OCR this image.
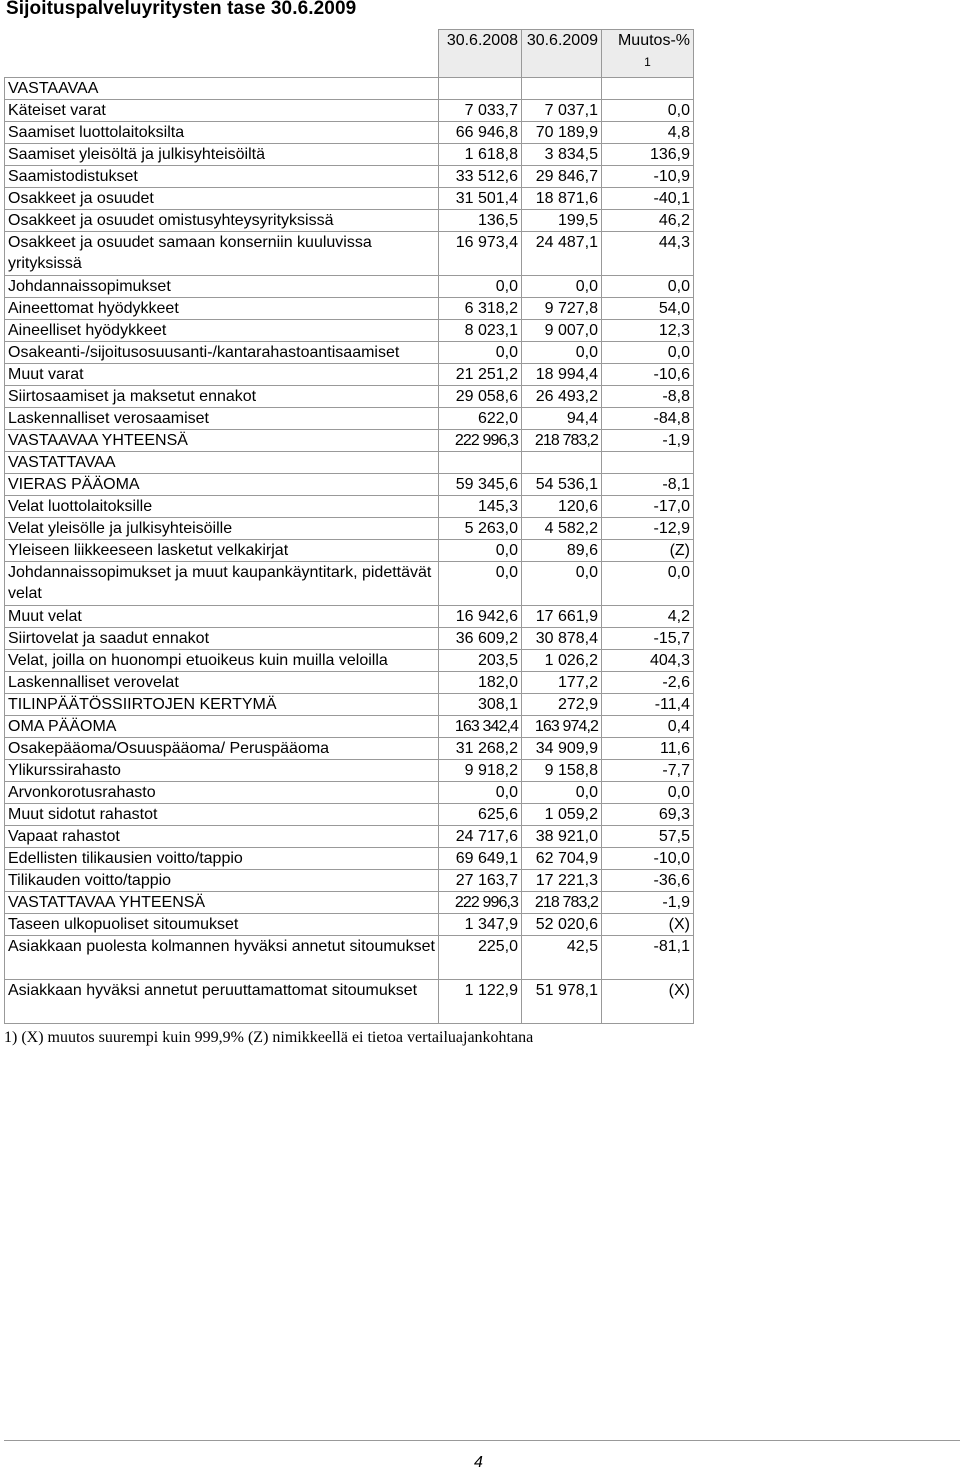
Sijoituspalveluyritysten tase 30.6.2009
	30.6.2008	30.6.2009	Muutos-%
1

VASTAAVAA			
Käteiset varat	7 033,7	7 037,1	0,0
Saamiset luottolaitoksilta	66 946,8	70 189,9	4,8
Saamiset yleisöltä ja julkisyhteisöiltä	1 618,8	3 834,5	136,9
Saamistodistukset	33 512,6	29 846,7	-10,9
Osakkeet ja osuudet	31 501,4	18 871,6	-40,1
Osakkeet ja osuudet omistusyhteysyrityksissä	136,5	199,5	46,2
Osakkeet ja osuudet samaan konserniin kuuluvissa yrityksissä	16 973,4	24 487,1	44,3
Johdannaissopimukset	0,0	0,0	0,0
Aineettomat hyödykkeet	6 318,2	9 727,8	54,0
Aineelliset hyödykkeet	8 023,1	9 007,0	12,3
Osakeanti-/sijoitusosuusanti-/kantarahastoantisaamiset	0,0	0,0	0,0
Muut varat	21 251,2	18 994,4	-10,6
Siirtosaamiset ja maksetut ennakot	29 058,6	26 493,2	-8,8
Laskennalliset verosaamiset	622,0	94,4	-84,8
VASTAAVAA YHTEENSÄ	222 996,3	218 783,2	-1,9
VASTATTAVAA			
VIERAS PÄÄOMA	59 345,6	54 536,1	-8,1
Velat luottolaitoksille	145,3	120,6	-17,0
Velat yleisölle ja julkisyhteisöille	5 263,0	4 582,2	-12,9
Yleiseen liikkeeseen lasketut velkakirjat	0,0	89,6	(Z)
Johdannaissopimukset ja muut kaupankäyntitark, pidettävät velat	0,0	0,0	0,0
Muut velat	16 942,6	17 661,9	4,2
Siirtovelat ja saadut ennakot	36 609,2	30 878,4	-15,7
Velat, joilla on huonompi etuoikeus kuin muilla veloilla	203,5	1 026,2	404,3
Laskennalliset verovelat	182,0	177,2	-2,6
TILINPÄÄTÖSSIIRTOJEN KERTYMÄ	308,1	272,9	-11,4
OMA PÄÄOMA	163 342,4	163 974,2	0,4
Osakepääoma/Osuuspääoma/ Peruspääoma	31 268,2	34 909,9	11,6
Ylikurssirahasto	9 918,2	9 158,8	-7,7
Arvonkorotusrahasto	0,0	0,0	0,0
Muut sidotut rahastot	625,6	1 059,2	69,3
Vapaat rahastot	24 717,6	38 921,0	57,5
Edellisten tilikausien voitto/tappio	69 649,1	62 704,9	-10,0
Tilikauden voitto/tappio	27 163,7	17 221,3	-36,6
VASTATTAVAA YHTEENSÄ	222 996,3	218 783,2	-1,9
Taseen ulkopuoliset sitoumukset	1 347,9	52 020,6	(X)
Asiakkaan puolesta kolmannen hyväksi annetut sitoumukset	225,0	42,5	-81,1
Asiakkaan hyväksi annetut peruuttamattomat sitoumukset	1 122,9	51 978,1	(X)
1) (X) muutos suurempi kuin 999,9% (Z) nimikkeellä ei tietoa vertailuajankohtana
4
